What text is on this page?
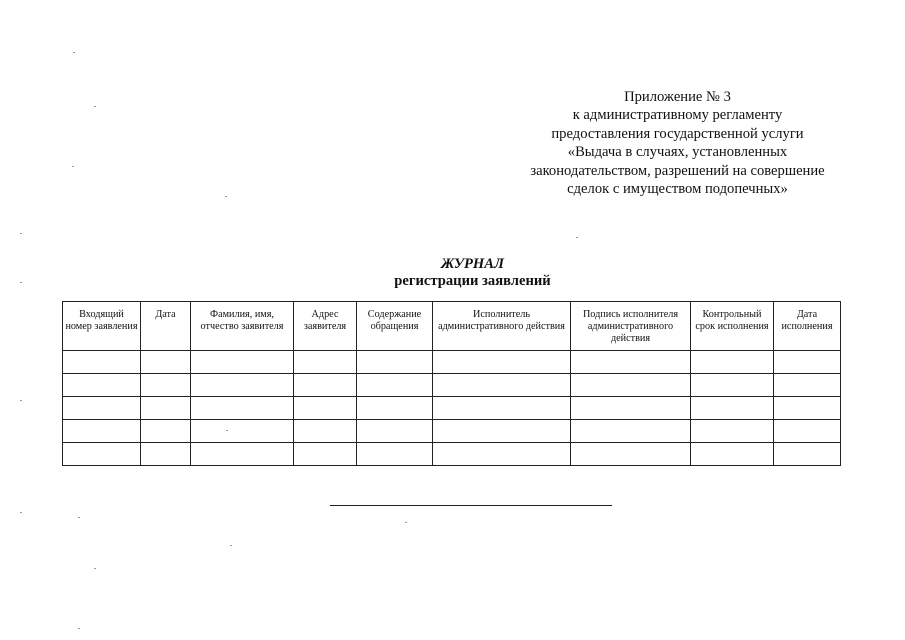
Приложение № 3
к административному регламенту
предоставления государственной услуги
«Выдача в случаях, установленных
законодательством, разрешений на совершение
сделок с имуществом подопечных»
ЖУРНАЛ
регистрации заявлений
Входящий номер заявления	Дата	Фамилия, имя, отчество заявителя	Адрес заявителя	Содержание обращения	Исполнитель административного действия	Подпись исполнителя административного действия	Контрольный срок исполнения	Дата исполнения
